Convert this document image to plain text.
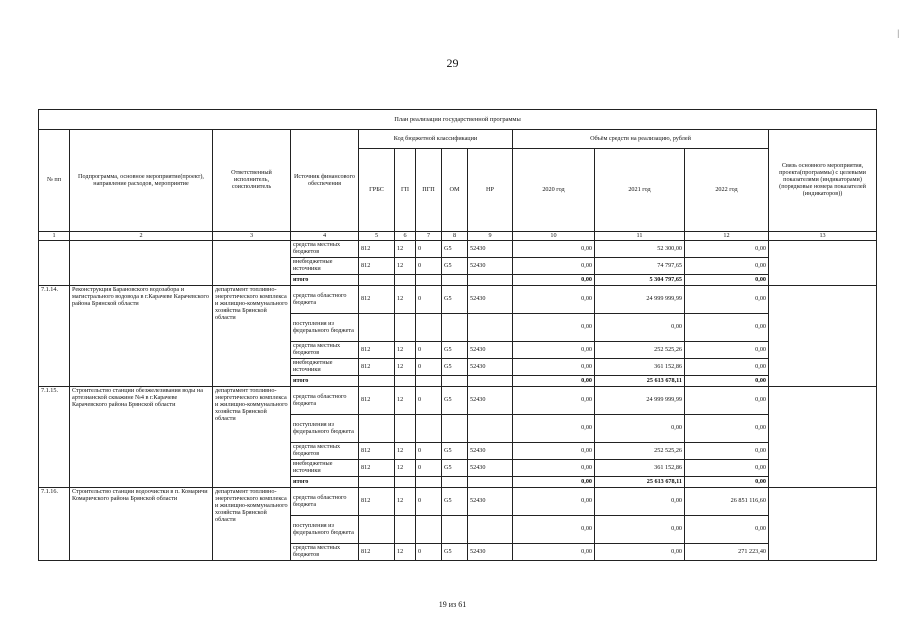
|
29
План реализации государственной программы												
№ пп	Подпрограмма, основное мероприятие(проект), направление расходов, мероприятие	Ответственный исполнитель, соисполнитель	Источник финансового обеспечения	Код бюджетной классификации					Объём средств на реализацию, рублей			Связь основного мероприятия, проекта(программы) с целевыми показателями (индикаторами) (порядковые номера показателей (индикаторов))
				ГРБС	ГП	ПГП	ОМ	НР	2020 год	2021 год	2022 год	
1	2	3	4	5	6	7	8	9	10	11	12	13
			средства местных бюджетов	812	12	0	G5	52430	0,00	52 300,00	0,00	
			внебюджетные источники	812	12	0	G5	52430	0,00	74 797,65	0,00	
			итого						0,00	5 304 797,65	0,00	
7.1.14.	Реконструкция Барановского водозабора и магистрального водовода в г.Карачеве Карачевского района Брянской области	департамент топливно-энергетического комплекса и жилищно-коммунального хозяйства Брянской области	средства областного бюджета	812	12	0	G5	52430	0,00	24 999 999,99	0,00	
			поступления из федерального бюджета						0,00	0,00	0,00	
			средства местных бюджетов	812	12	0	G5	52430	0,00	252 525,26	0,00	
			внебюджетные источники	812	12	0	G5	52430	0,00	361 152,86	0,00	
			итого						0,00	25 613 678,11	0,00	
7.1.15.	Строительство станции обезжелезивания воды на артезианской скважине №4 в г.Карачеве Карачевского района Брянской области	департамент топливно-энергетического комплекса и жилищно-коммунального хозяйства Брянской области	средства областного бюджета	812	12	0	G5	52430	0,00	24 999 999,99	0,00	
			поступления из федерального бюджета						0,00	0,00	0,00	
			средства местных бюджетов	812	12	0	G5	52430	0,00	252 525,26	0,00	
			внебюджетные источники	812	12	0	G5	52430	0,00	361 152,86	0,00	
			итого						0,00	25 613 678,11	0,00	
7.1.16.	Строительство станции водоочистки в п. Комаричи Комаричского района Брянской области	департамент топливно-энергетического комплекса и жилищно-коммунального хозяйства Брянской области	средства областного бюджета	812	12	0	G5	52430	0,00	0,00	26 851 116,60	
			поступления из федерального бюджета						0,00	0,00	0,00	
			средства местных бюджетов	812	12	0	G5	52430	0,00	0,00	271 223,40	
19 из 61
